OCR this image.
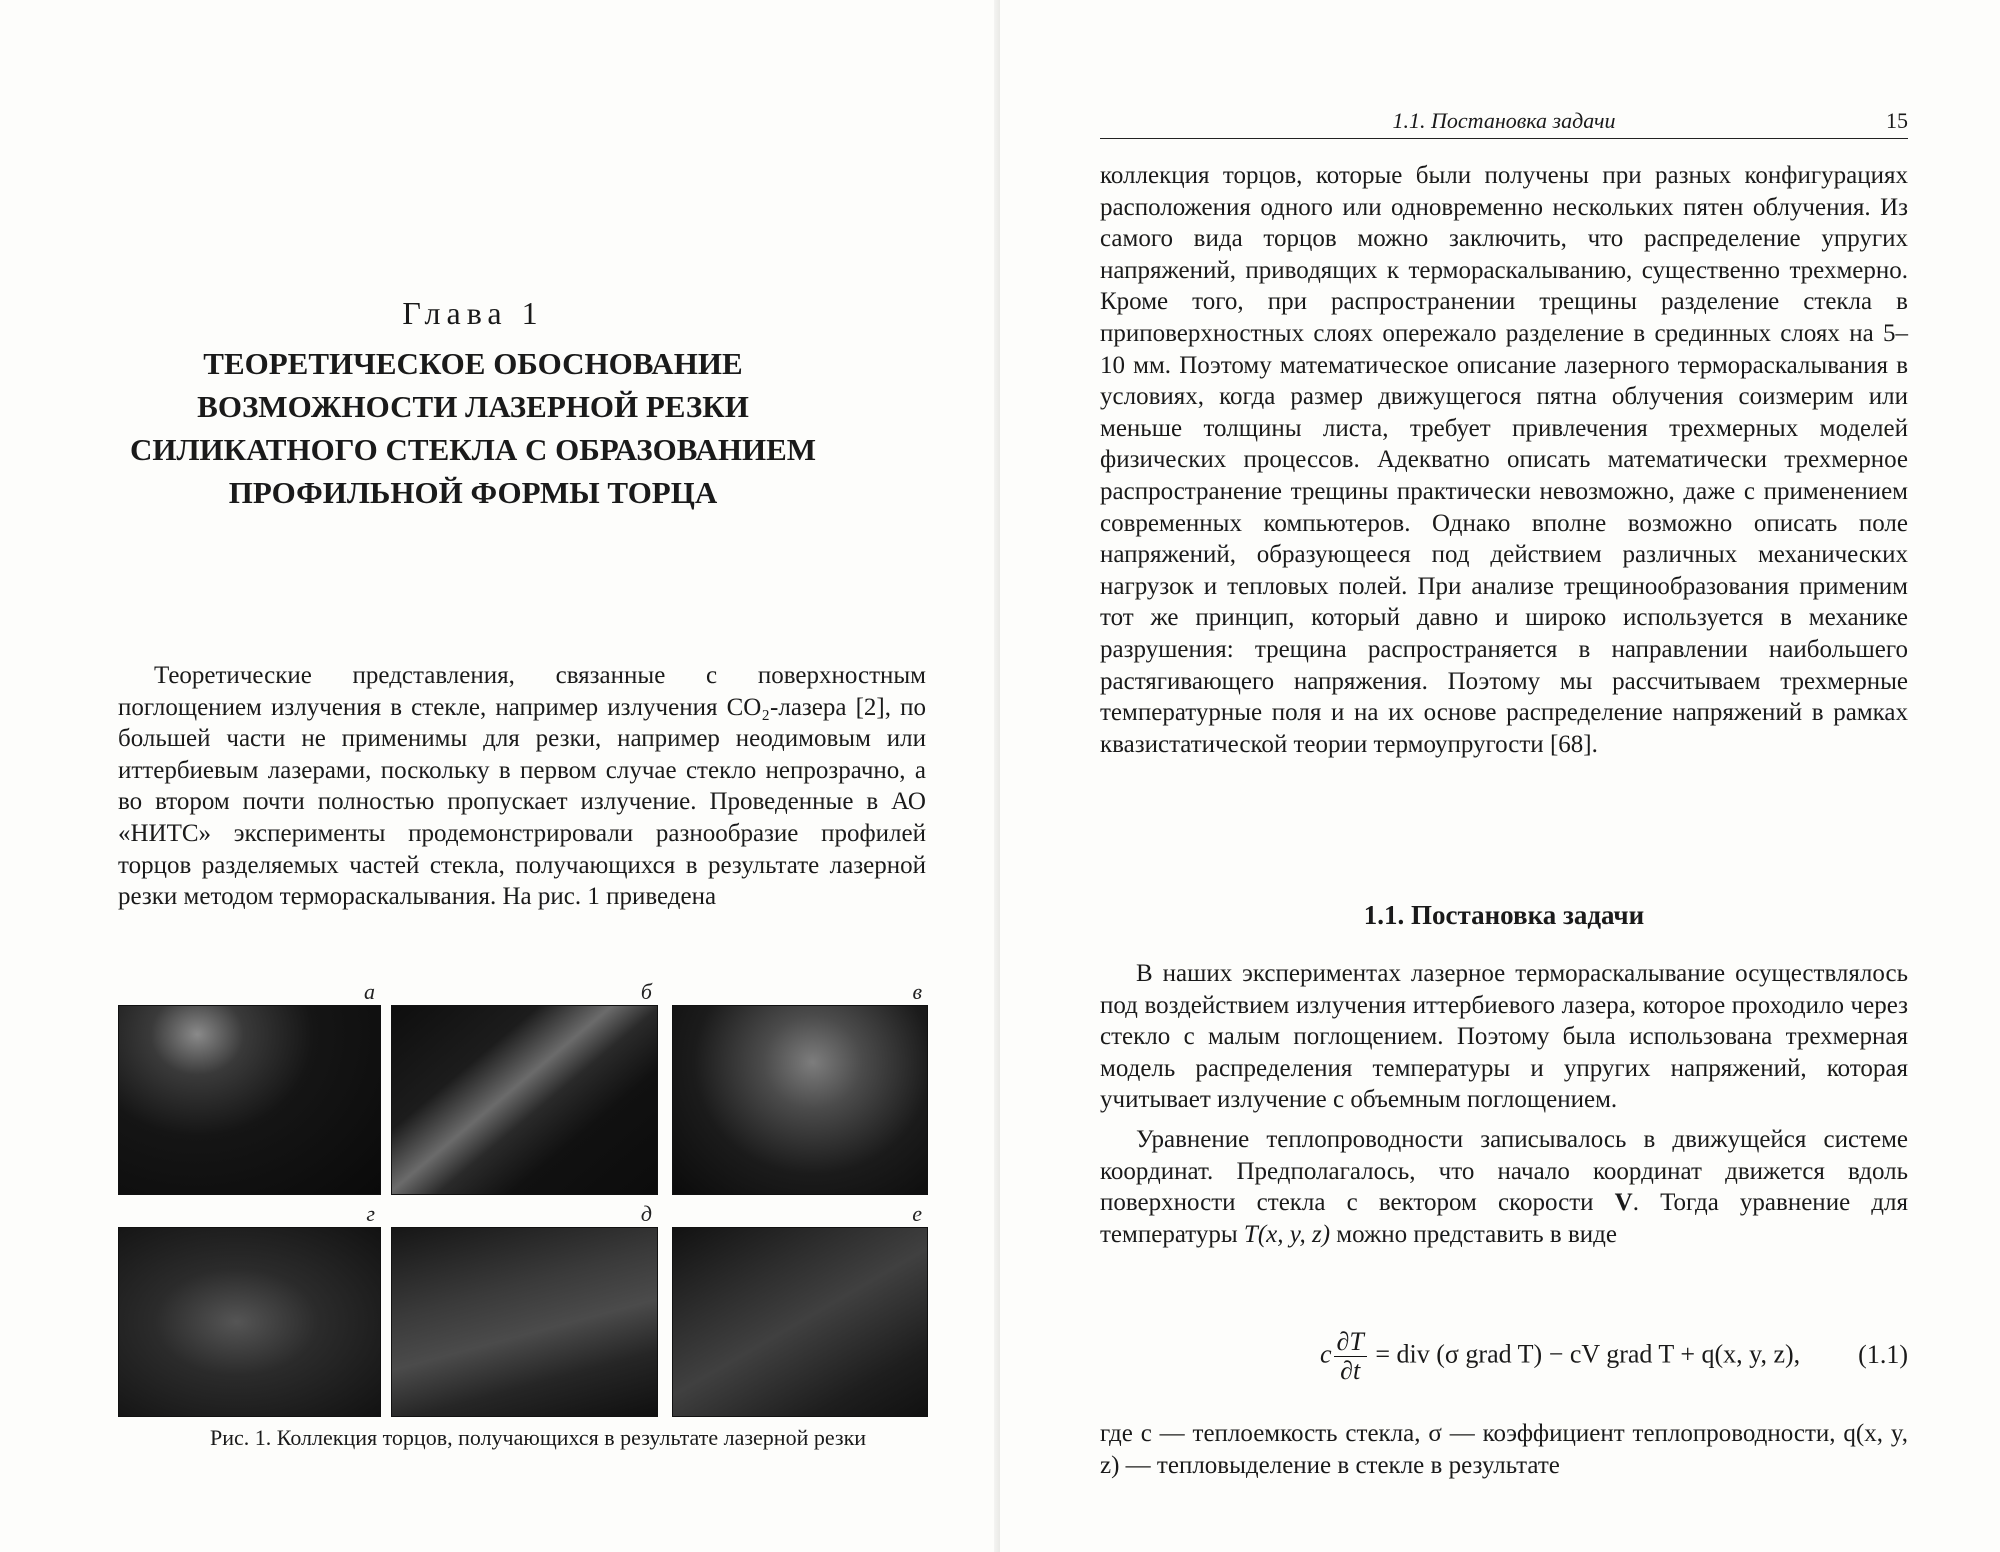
Глава 1
ТЕОРЕТИЧЕСКОЕ ОБОСНОВАНИЕ ВОЗМОЖНОСТИ ЛАЗЕРНОЙ РЕЗКИ СИЛИКАТНОГО СТЕКЛА С ОБРАЗОВАНИЕМ ПРОФИЛЬНОЙ ФОРМЫ ТОРЦА

Теоретические представления, связанные с поверхностным поглощением излучения в стекле, например излучения CO₂-лазера [2], по большей части не применимы для резки, например неодимовым или иттербиевым лазерами, поскольку в первом случае стекло непрозрачно, а во втором почти полностью пропускает излучение. Проведенные в АО «НИТС» эксперименты продемонстрировали разнообразие профилей торцов разделяемых частей стекла, получающихся в результате лазерной резки методом термораскалывания. На рис. 1 приведена

а	б	в
г	д	е
Рис. 1. Коллекция торцов, получающихся в результате лазерной резки
1.1. Постановка задачи	15

коллекция торцов, которые были получены при разных конфигурациях расположения одного или одновременно нескольких пятен облучения. Из самого вида торцов можно заключить, что распределение упругих напряжений, приводящих к термораскалыванию, существенно трехмерно. Кроме того, при распространении трещины разделение стекла в приповерхностных слоях опережало разделение в срединных слоях на 5–10 мм. Поэтому математическое описание лазерного термораскалывания в условиях, когда размер движущегося пятна облучения соизмерим или меньше толщины листа, требует привлечения трехмерных моделей физических процессов. Адекватно описать математически трехмерное распространение трещины практически невозможно, даже с применением современных компьютеров. Однако вполне возможно описать поле напряжений, образующееся под действием различных механических нагрузок и тепловых полей. При анализе трещинообразования применим тот же принцип, который давно и широко используется в механике разрушения: трещина распространяется в направлении наибольшего растягивающего напряжения. Поэтому мы рассчитываем трехмерные температурные поля и на их основе распределение напряжений в рамках квазистатической теории термоупругости [68].

1.1. Постановка задачи

В наших экспериментах лазерное термораскалывание осуществлялось под воздействием излучения иттербиевого лазера, которое проходило через стекло с малым поглощением. Поэтому была использована трехмерная модель распределения температуры и упругих напряжений, которая учитывает излучение с объемным поглощением.

Уравнение теплопроводности записывалось в движущейся системе координат. Предполагалось, что начало координат движется вдоль поверхности стекла с вектором скорости V. Тогда уравнение для температуры T(x, y, z) можно представить в виде

c $\frac{\partial T}{\partial t}$ = div (σ grad T) − cV grad T + q(x, y, z), (1.1)

где c — теплоемкость стекла, σ — коэффициент теплопроводности, q(x, y, z) — тепловыделение в стекле в результате
